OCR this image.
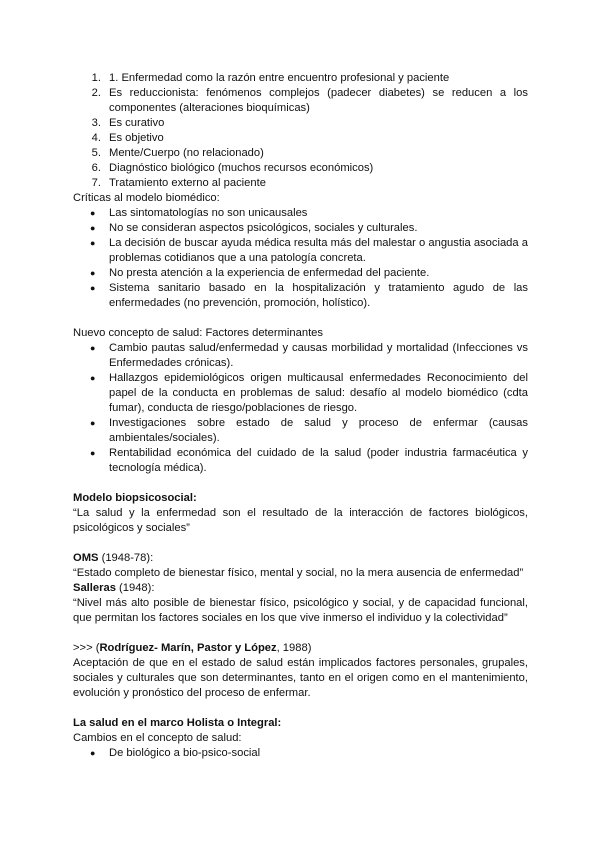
1. 1. Enfermedad como la razón entre encuentro profesional y paciente
2. Es reduccionista: fenómenos complejos (padecer diabetes) se reducen a los componentes (alteraciones bioquímicas)
3. Es curativo
4. Es objetivo
5. Mente/Cuerpo (no relacionado)
6. Diagnóstico biológico (muchos recursos económicos)
7. Tratamiento externo al paciente

Críticas al modelo biomédico:

● Las sintomatologías no son unicausales
● No se consideran aspectos psicológicos, sociales y culturales.
● La decisión de buscar ayuda médica resulta más del malestar o angustia asociada a problemas cotidianos que a una patología concreta.
● No presta atención a la experiencia de enfermedad del paciente.
● Sistema sanitario basado en la hospitalización y tratamiento agudo de las enfermedades (no prevención, promoción, holístico).

Nuevo concepto de salud: Factores determinantes

● Cambio pautas salud/enfermedad y causas morbilidad y mortalidad (Infecciones vs Enfermedades crónicas).
● Hallazgos epidemiológicos origen multicausal enfermedades Reconocimiento del papel de la conducta en problemas de salud: desafío al modelo biomédico (cdta fumar), conducta de riesgo/poblaciones de riesgo.
● Investigaciones sobre estado de salud y proceso de enfermar (causas ambientales/sociales).
● Rentabilidad económica del cuidado de la salud (poder industria farmacéutica y tecnología médica).

Modelo biopsicosocial:

“La salud y la enfermedad son el resultado de la interacción de factores biológicos, psicológicos y sociales”

OMS (1948-78):

“Estado completo de bienestar físico, mental y social, no la mera ausencia de enfermedad”

Salleras (1948):

“Nivel más alto posible de bienestar físico, psicológico y social, y de capacidad funcional, que permitan los factores sociales en los que vive inmerso el individuo y la colectividad”

>>> (Rodríguez- Marín, Pastor y López, 1988)

Aceptación de que en el estado de salud están implicados factores personales, grupales, sociales y culturales que son determinantes, tanto en el origen como en el mantenimiento, evolución y pronóstico del proceso de enfermar.

La salud en el marco Holista o Integral:

Cambios en el concepto de salud:

● De biológico a bio-psico-social
